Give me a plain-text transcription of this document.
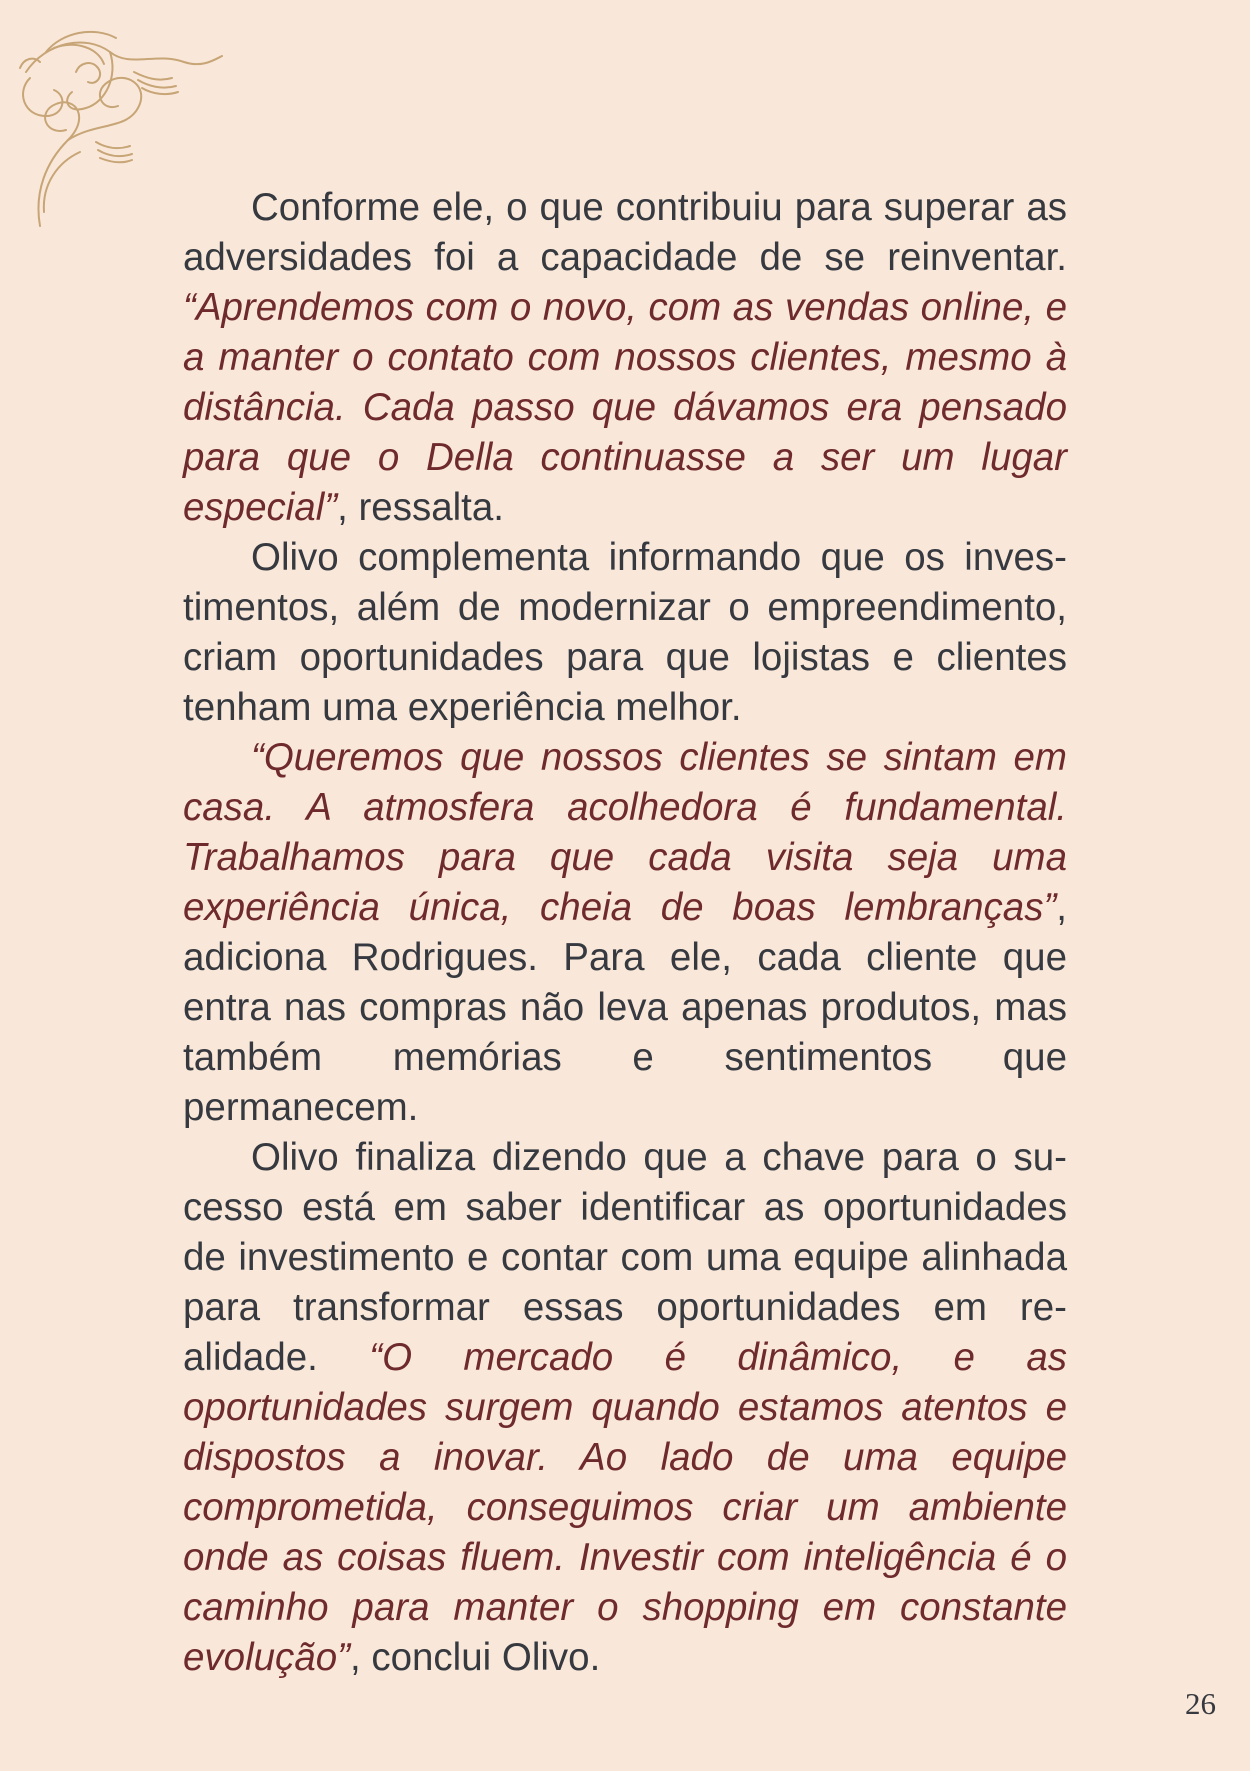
Conforme ele, o que contribuiu para superar as adversidades foi a capacidade de se reinventar. “Aprendemos com o novo, com as vendas online, e a manter o contato com nossos clientes, mesmo à distância. Cada passo que dávamos era pensado para que o Della continuasse a ser um lugar especial”, ressalta.

Olivo complementa informando que os investimentos, além de modernizar o empreendimento, criam oportunidades para que lojistas e clientes tenham uma experiência melhor.

“Queremos que nossos clientes se sintam em casa. A atmosfera acolhedora é fundamental. Trabalhamos para que cada visita seja uma experiência única, cheia de boas lembranças”, adiciona Rodrigues. Para ele, cada cliente que entra nas compras não leva apenas produtos, mas também memórias e sentimentos que permanecem.

Olivo finaliza dizendo que a chave para o sucesso está em saber identificar as oportunidades de investimento e contar com uma equipe alinhada para transformar essas oportunidades em realidade. “O mercado é dinâmico, e as oportunidades surgem quando estamos atentos e dispostos a inovar. Ao lado de uma equipe comprometida, conseguimos criar um ambiente onde as coisas fluem. Investir com inteligência é o caminho para manter o shopping em constante evolução”, conclui Olivo.

26
